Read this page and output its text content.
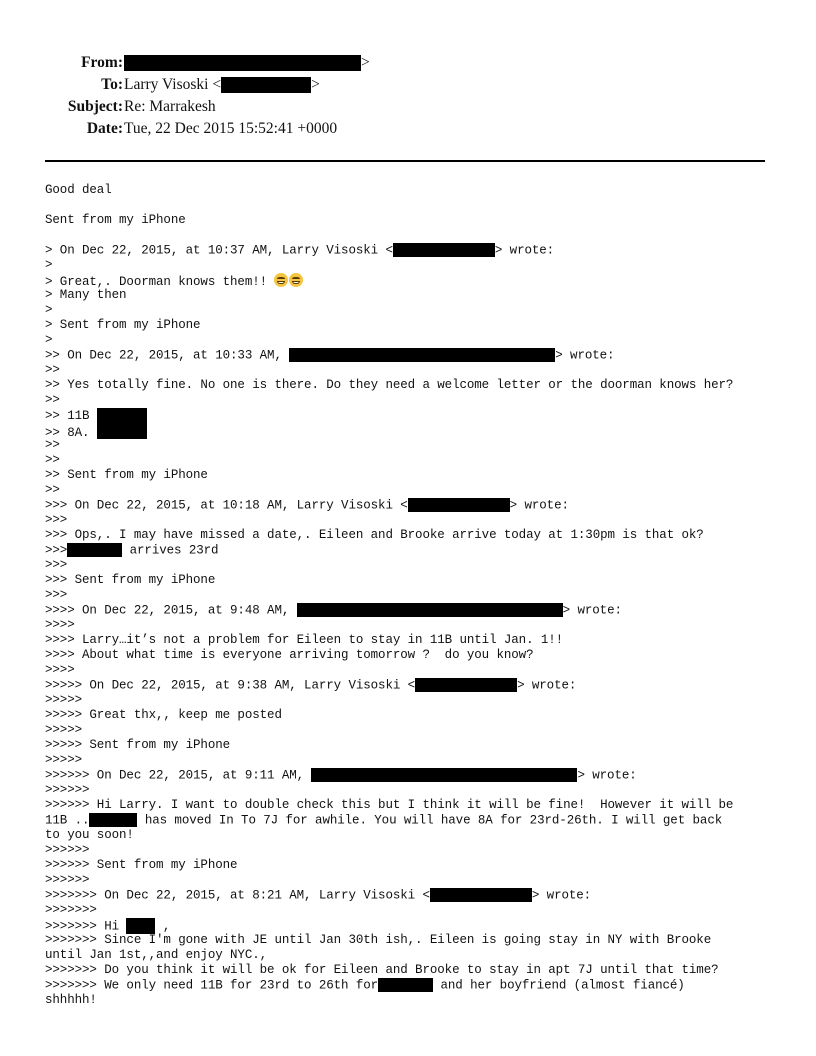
From:	>
To: Larry Visoski <	>
Subject: Re: Marrakesh
Date: Tue, 22 Dec 2015 15:52:41 +0000
Good deal
Sent from my iPhone
> On Dec 22, 2015, at 10:37 AM, Larry Visoski <	> wrote:
>
> Great,. Doorman knows them!!
> Many then
>
> Sent from my iPhone
>
>> On Dec 22, 2015, at 10:33 AM,	> wrote:
>>
>> Yes totally fine. No one is there. Do they need a welcome letter or the doorman knows her?
>>
>> 11B
>> 8A.
>>
>>
>> Sent from my iPhone
>>
>>> On Dec 22, 2015, at 10:18 AM, Larry Visoski <	> wrote:
>>>
>>> Ops,. I may have missed a date,. Eileen and Brooke arrive today at 1:30pm is that ok?
>>>	arrives 23rd
>>>
>>> Sent from my iPhone
>>>
>>>> On Dec 22, 2015, at 9:48 AM,	> wrote:
>>>>
>>>> Larry…it’s not a problem for Eileen to stay in 11B until Jan. 1!!
>>>> About what time is everyone arriving tomorrow ?  do you know?
>>>>
>>>>> On Dec 22, 2015, at 9:38 AM, Larry Visoski <	> wrote:
>>>>>
>>>>> Great thx,, keep me posted
>>>>>
>>>>> Sent from my iPhone
>>>>>
>>>>>> On Dec 22, 2015, at 9:11 AM,	> wrote:
>>>>>>
>>>>>> Hi Larry. I want to double check this but I think it will be fine!  However it will be
11B ..	has moved In To 7J for awhile. You will have 8A for 23rd-26th. I will get back
to you soon!
>>>>>>
>>>>>> Sent from my iPhone
>>>>>>
>>>>>>> On Dec 22, 2015, at 8:21 AM, Larry Visoski <	> wrote:
>>>>>>>
>>>>>>> Hi  ,
>>>>>>> Since I'm gone with JE until Jan 30th ish,. Eileen is going stay in NY with Brooke
until Jan 1st,,and enjoy NYC.,
>>>>>>> Do you think it will be ok for Eileen and Brooke to stay in apt 7J until that time?
>>>>>>> We only need 11B for 23rd to 26th for	and her boyfriend (almost fiancé)
shhhhh!
